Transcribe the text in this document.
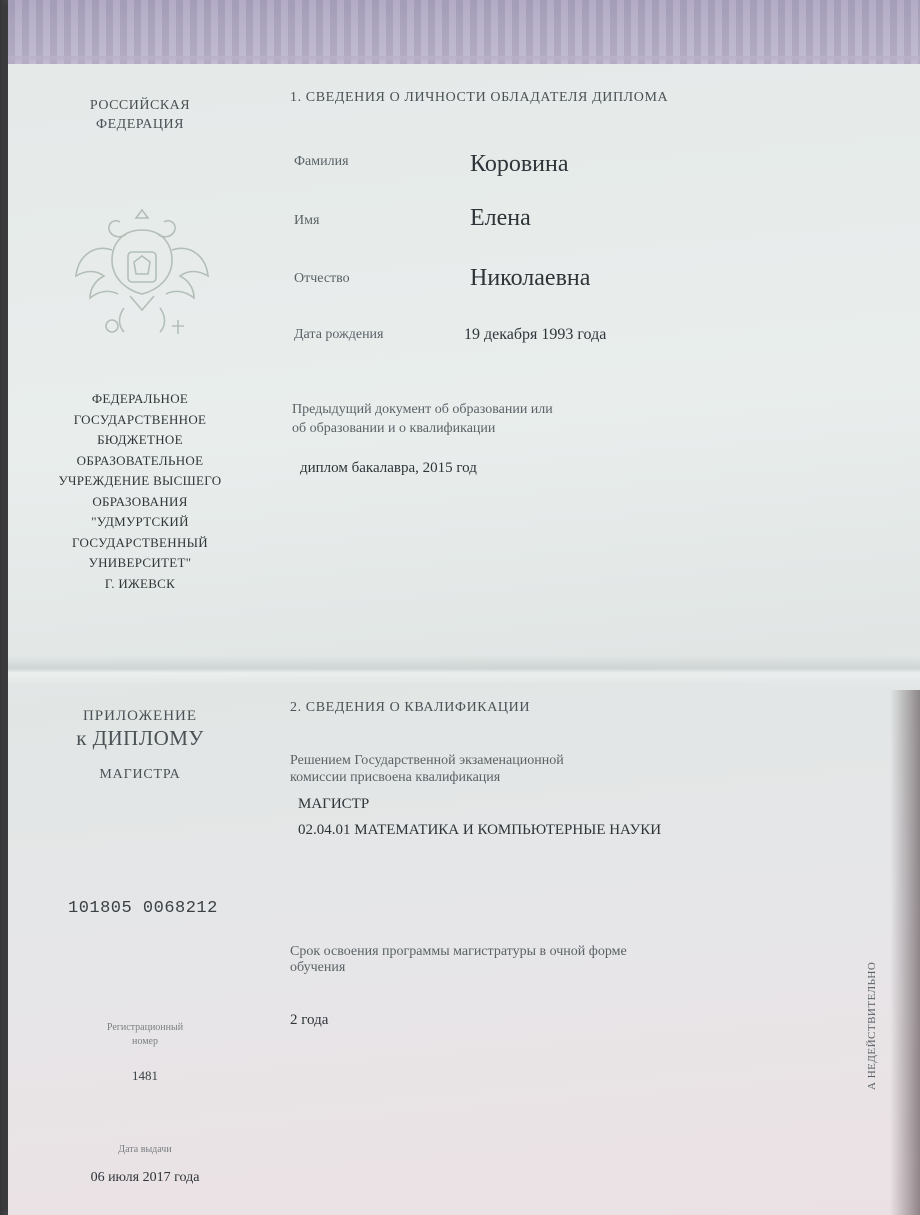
РОССИЙСКАЯ
ФЕДЕРАЦИЯ
ФЕДЕРАЛЬНОЕ
ГОСУДАРСТВЕННОЕ
БЮДЖЕТНОЕ
ОБРАЗОВАТЕЛЬНОЕ
УЧРЕЖДЕНИЕ ВЫСШЕГО
ОБРАЗОВАНИЯ
"УДМУРТСКИЙ
ГОСУДАРСТВЕННЫЙ
УНИВЕРСИТЕТ"
Г. ИЖЕВСК
ПРИЛОЖЕНИЕ
к ДИПЛОМУ
МАГИСТРА
101805 0068212
Регистрационный
номер
1481
Дата выдачи
06 июля 2017 года
1. СВЕДЕНИЯ О ЛИЧНОСТИ ОБЛАДАТЕЛЯ ДИПЛОМА
Фамилия	Коровина
Имя	Елена
Отчество	Николаевна
Дата рождения	19 декабря 1993 года
Предыдущий документ об образовании или
об образовании и о квалификации
диплом бакалавра, 2015 год
2. СВЕДЕНИЯ О КВАЛИФИКАЦИИ
Решением Государственной экзаменационной
комиссии присвоена квалификация
МАГИСТР
02.04.01 МАТЕМАТИКА И КОМПЬЮТЕРНЫЕ НАУКИ
Срок освоения программы магистратуры в очной форме
обучения
2 года	А НЕДЕЙСТВИТЕЛЬНО
